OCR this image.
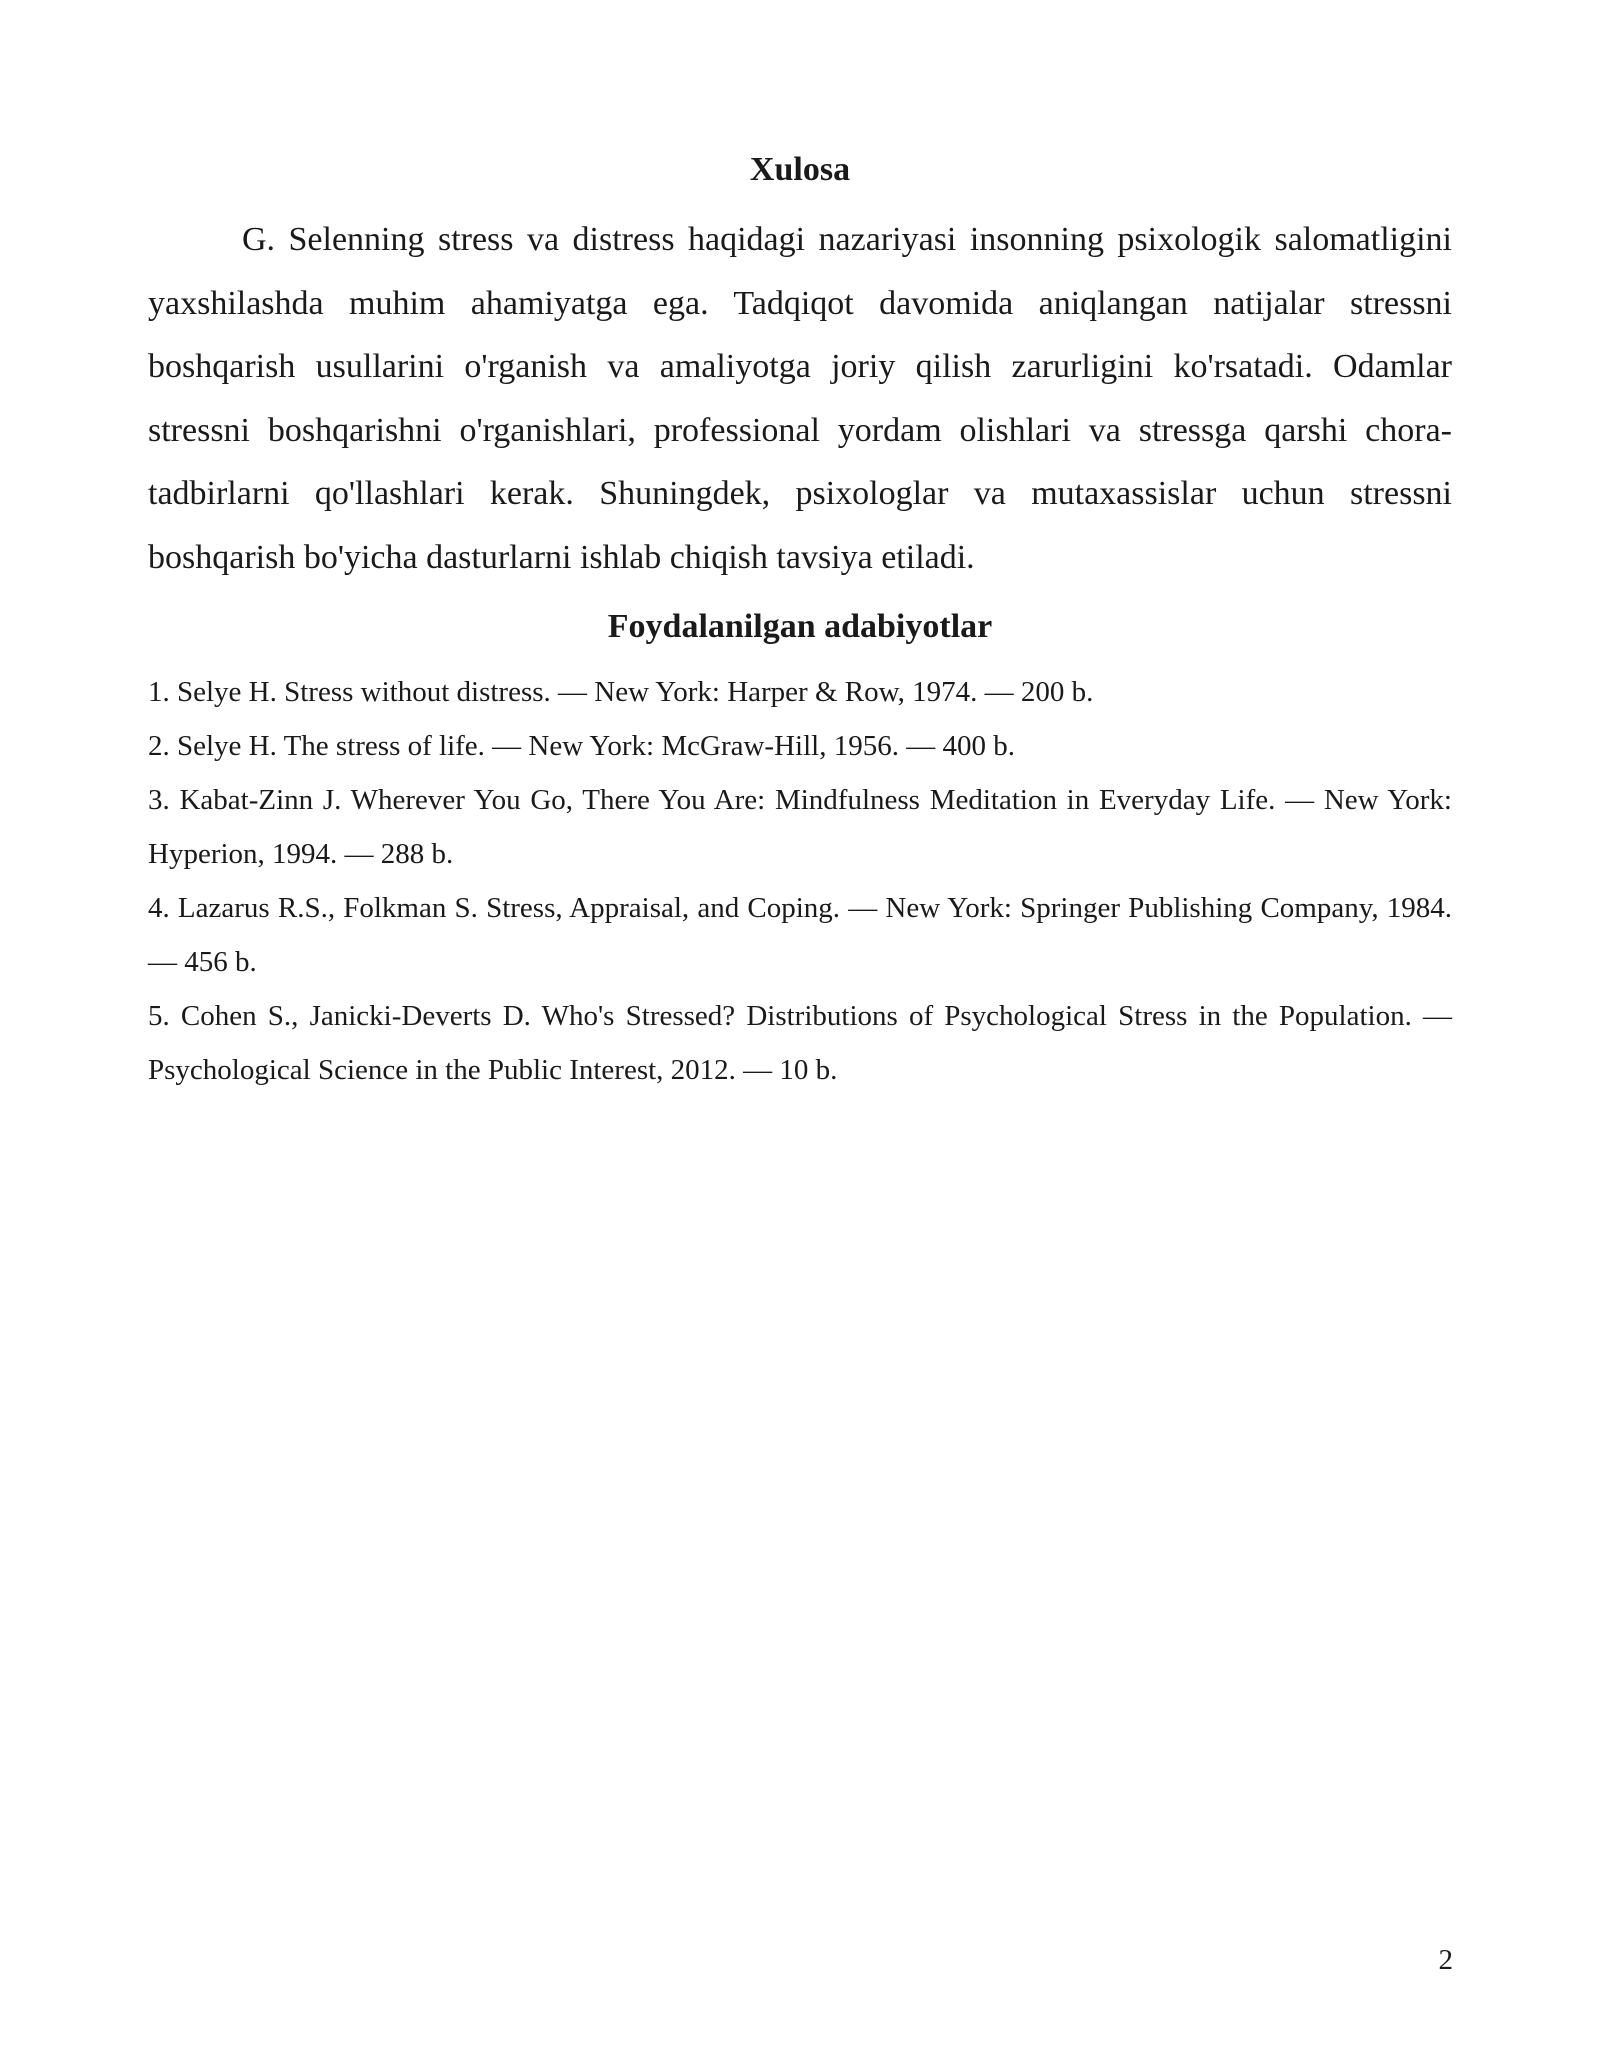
Xulosa

G. Selenning stress va distress haqidagi nazariyasi insonning psixologik salomatligini yaxshilashda muhim ahamiyatga ega. Tadqiqot davomida aniqlangan natijalar stressni boshqarish usullarini o'rganish va amaliyotga joriy qilish zarurligini ko'rsatadi. Odamlar stressni boshqarishni o'rganishlari, professional yordam olishlari va stressga qarshi chora-tadbirlarni qo'llashlari kerak. Shuningdek, psixologlar va mutaxassislar uchun stressni boshqarish bo'yicha dasturlarni ishlab chiqish tavsiya etiladi.

Foydalanilgan adabiyotlar
1. Selye H. Stress without distress. — New York: Harper & Row, 1974. — 200 b.
2. Selye H. The stress of life. — New York: McGraw-Hill, 1956. — 400 b.
3. Kabat-Zinn J. Wherever You Go, There You Are: Mindfulness Meditation in Everyday Life. — New York: Hyperion, 1994. — 288 b.
4. Lazarus R.S., Folkman S. Stress, Appraisal, and Coping. — New York: Springer Publishing Company, 1984. — 456 b.
5. Cohen S., Janicki-Deverts D. Who's Stressed? Distributions of Psychological Stress in the Population. — Psychological Science in the Public Interest, 2012. — 10 b.
2
